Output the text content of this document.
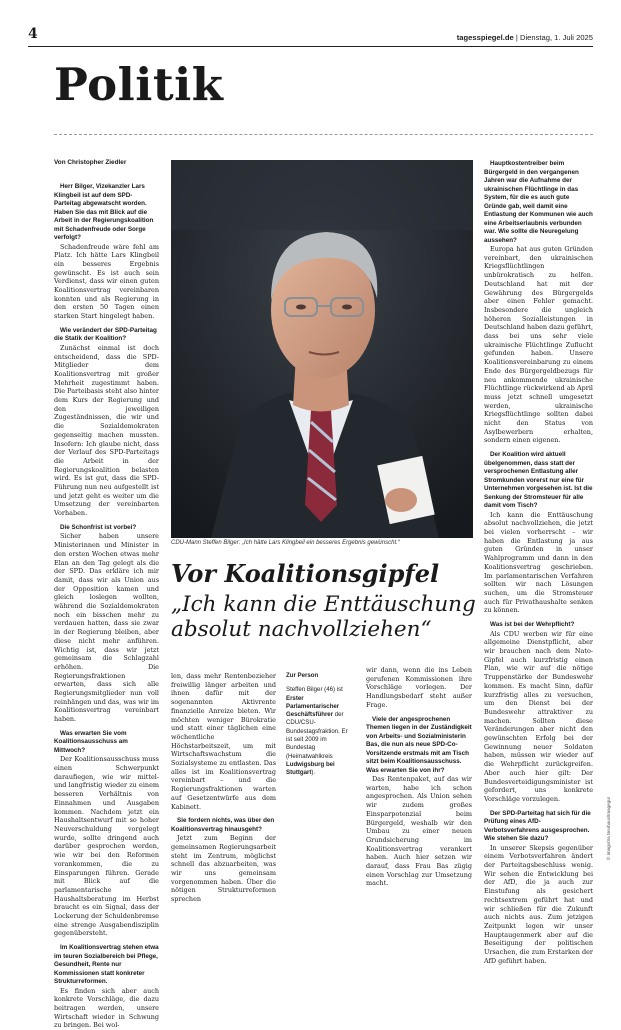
4	tagesspiegel.de | Dienstag, 1. Juli 2025
Politik
Von Christopher Ziedler

Herr Bilger, Vizekanzler Lars Klingbeil ist auf dem SPD-Parteitag abgewatscht worden. Haben Sie das mit Blick auf die Arbeit in der Regierungskoalition mit Schadenfreude oder Sorge verfolgt?

Schadenfreude wäre fehl am Platz. Ich hätte Lars Klingbeil ein besseres Ergebnis gewünscht. Es ist auch sein Verdienst, dass wir einen guten Koalitionsvertrag vereinbaren konnten und als Regierung in den ersten 50 Tagen einen starken Start hingelegt haben.

Wie verändert der SPD-Parteitag die Statik der Koalition?

Zunächst einmal ist doch entscheidend, dass die SPD-Mitglieder dem Koalitionsvertrag mit großer Mehrheit zugestimmt haben. Die Parteibasis steht also hinter dem Kurs der Regierung und den jeweiligen Zugeständnissen, die wir und die Sozialdemokraten gegenseitig machen mussten. Insofern: Ich glaube nicht, dass der Verlauf des SPD-Parteitags die Arbeit in der Regierungskoalition belasten wird. Es ist gut, dass die SPD-Führung nun neu aufgestellt ist und jetzt geht es weiter um die Umsetzung der vereinbarten Vorhaben.

Die Schonfrist ist vorbei?

Sicher haben unsere Ministerinnen und Minister in den ersten Wochen etwas mehr Elan an den Tag gelegt als die der SPD. Das erkläre ich mir damit, dass wir als Union aus der Opposition kamen und gleich loslegen wollten, während die Sozialdemokraten noch ein bisschen mehr zu verdauen hatten, dass sie zwar in der Regierung bleiben, aber diese nicht mehr anführen. Wichtig ist, dass wir jetzt gemeinsam die Schlagzahl erhöhen. Die Regierungsfraktionen erwarten, dass sich alle Regierungsmitglieder nun voll reinhängen und das, was wir im Koalitionsvertrag vereinbart haben.

Was erwarten Sie vom Koalitionsausschuss am Mittwoch?

Der Koalitionsausschuss muss einen Schwerpunkt daraufiegen, wie wir mittel- und langfristig wieder zu einem besseren Verhältnis von Einnahmen und Ausgaben kommen. Nachdem jetzt ein Haushaltsentwurf mit so hoher Neuverschuldung vorgelegt wurde, sollte dringend auch darüber gesprochen werden, wie wir bei den Reformen vorankommen, die zu Einsparungen führen. Gerade mit Blick auf die parlamentarische Haushaltsberatung im Herbst braucht es ein Signal, dass der Lockerung der Schuldenbremse eine strenge Ausgabendisziplin gegenübersteht.

Im Koalitionsvertrag stehen etwa im teuren Sozialbereich bei Pflege, Gesundheit, Rente nur Kommissionen statt konkreter Strukturreformen.

Es finden sich aber auch konkrete Vorschläge, die dazu beitragen werden, unsere Wirtschaft wieder in Schwung zu bringen. Bei wol-

CDU-Mann Steffen Bilger: „Ich hätte Lars Klingbeil ein besseres Ergebnis gewünscht.“
Vor Koalitionsgipfel
„Ich kann die Enttäuschung absolut nachvollziehen“

len, dass mehr Rentenbezieher freiwillig länger arbeiten und ihnen dafür mit der sogenannten Aktivrente finanzielle Anreize bieten. Wir möchten weniger Bürokratie und statt einer täglichen eine wöchentliche Höchstarbeitszeit, um mit Wirtschaftswachstum die Sozialsysteme zu entlasten. Das alles ist im Koalitionsvertrag vereinbart – und die Regierungsfraktionen warten auf Gesetzentwürfe aus dem Kabinett.

Sie fordern nichts, was über den Koalitionsvertrag hinausgeht?

Jetzt zum Beginn der gemeinsamen Regierungsarbeit steht im Zentrum, möglichst schnell das abzuarbeiten, was wir uns gemeinsam vorgenommen haben. Über die nötigen Strukturreformen sprechen

Zur Person
Steffen Bilger (46) ist Erster Parlamentarischer Geschäftsführer der CDU/CSU-Bundestagsfraktion. Er ist seit 2009 im Bundestag (Heimatwahlkreis Ludwigsburg bei Stuttgart).

wir dann, wenn die ins Leben gerufenen Kommissionen ihre Vorschläge vorlegen. Der Handlungsbedarf steht außer Frage.

Viele der angesprochenen Themen liegen in der Zuständigkeit von Arbeits- und Sozialministerin Bas, die nun als neue SPD-Co-Vorsitzende erstmals mit am Tisch sitzt beim Koalitionsausschuss. Was erwarten Sie von ihr?

Das Rentenpaket, auf das wir warten, habe ich schon angesprochen. Als Union sehen wir zudem großes Einsparpotenzial beim Bürgergeld, weshalb wir den Umbau zu einer neuen Grundsicherung im Koalitionsvertrag verankert haben. Auch hier setzen wir darauf, dass Frau Bas zügig einen Vorschlag zur Umsetzung macht.

Hauptkostentreiber beim Bürgergeld in den vergangenen Jahren war die Aufnahme der ukrainischen Flüchtlinge in das System, für die es auch gute Gründe gab, weil damit eine Entlastung der Kommunen wie auch eine Arbeitserlaubnis verbunden war. Wie sollte die Neuregelung aussehen?

Europa hat aus guten Gründen vereinbart, den ukrainischen Kriegsflüchtlingen unbürokratisch zu helfen. Deutschland hat mit der Gewährung des Bürgergelds aber einen Fehler gemacht. Insbesondere die ungleich höheren Sozialleistungen in Deutschland haben dazu geführt, dass bei uns sehr viele ukrainische Flüchtlinge Zuflucht gefunden haben. Unsere Koalitionsvereinbarung zu einem Ende des Bürgergeldbezugs für neu ankommende ukrainische Flüchtlinge rückwirkend ab April muss jetzt schnell umgesetzt werden, ukrainische Kriegsflüchtlinge sollten dabei nicht den Status von Asylbewerbern erhalten, sondern einen eigenen.

Der Koalition wird aktuell übelgenommen, dass statt der versprochenen Entlastung aller Stromkunden vorerst nur eine für Unternehmen vorgesehen ist. Ist die Senkung der Stromsteuer für alle damit vom Tisch?

Ich kann die Enttäuschung absolut nachvollziehen, die jetzt bei vielen vorherrscht – wir haben die Entlastung ja aus guten Gründen in unser Wahlprogramm und dann in den Koalitionsvertrag geschrieben. Im parlamentarischen Verfahren sollten wir nach Lösungen suchen, um die Stromsteuer auch für Privathaushalte senken zu können.

Was ist bei der Wehrpflicht?

Als CDU werben wir für eine allgemeine Dienstpflicht, aber wir brauchen nach dem Nato-Gipfel auch kurzfristig einen Plan, wie wir auf die nötige Truppenstärke der Bundeswehr kommen. Es macht Sinn, dafür kurzfristig alles zu versuchen, um den Dienst bei der Bundeswehr attraktiver zu machen. Sollten diese Veränderungen aber nicht den gewünschten Erfolg bei der Gewinnung neuer Soldaten haben, müssen wir wieder auf die Wehrpflicht zurückgreifen. Aber auch hier gilt: Der Bundesverteidigungsminister ist gefordert, uns konkrete Vorschläge vorzulegen.

Der SPD-Parteitag hat sich für die Prüfung eines AfD-Verbotsverfahrens ausgesprochen. Wie stehen Sie dazu?

In unserer Skepsis gegenüber einem Verbotsverfahren ändert der Parteitagsbeschluss wenig. Wir sehen die Entwicklung bei der AfD, die ja auch zur Einstufung als gesichert rechtsextrem geführt hat und wir schließen für die Zukunft auch nichts aus. Zum jetzigen Zeitpunkt legen wir unser Hauptaugenmerk aber auf die Beseitigung der politischen Ursachen, die zum Erstarken der AfD geführt haben.

© Imago/Ira Neuhaus/Imagegur
